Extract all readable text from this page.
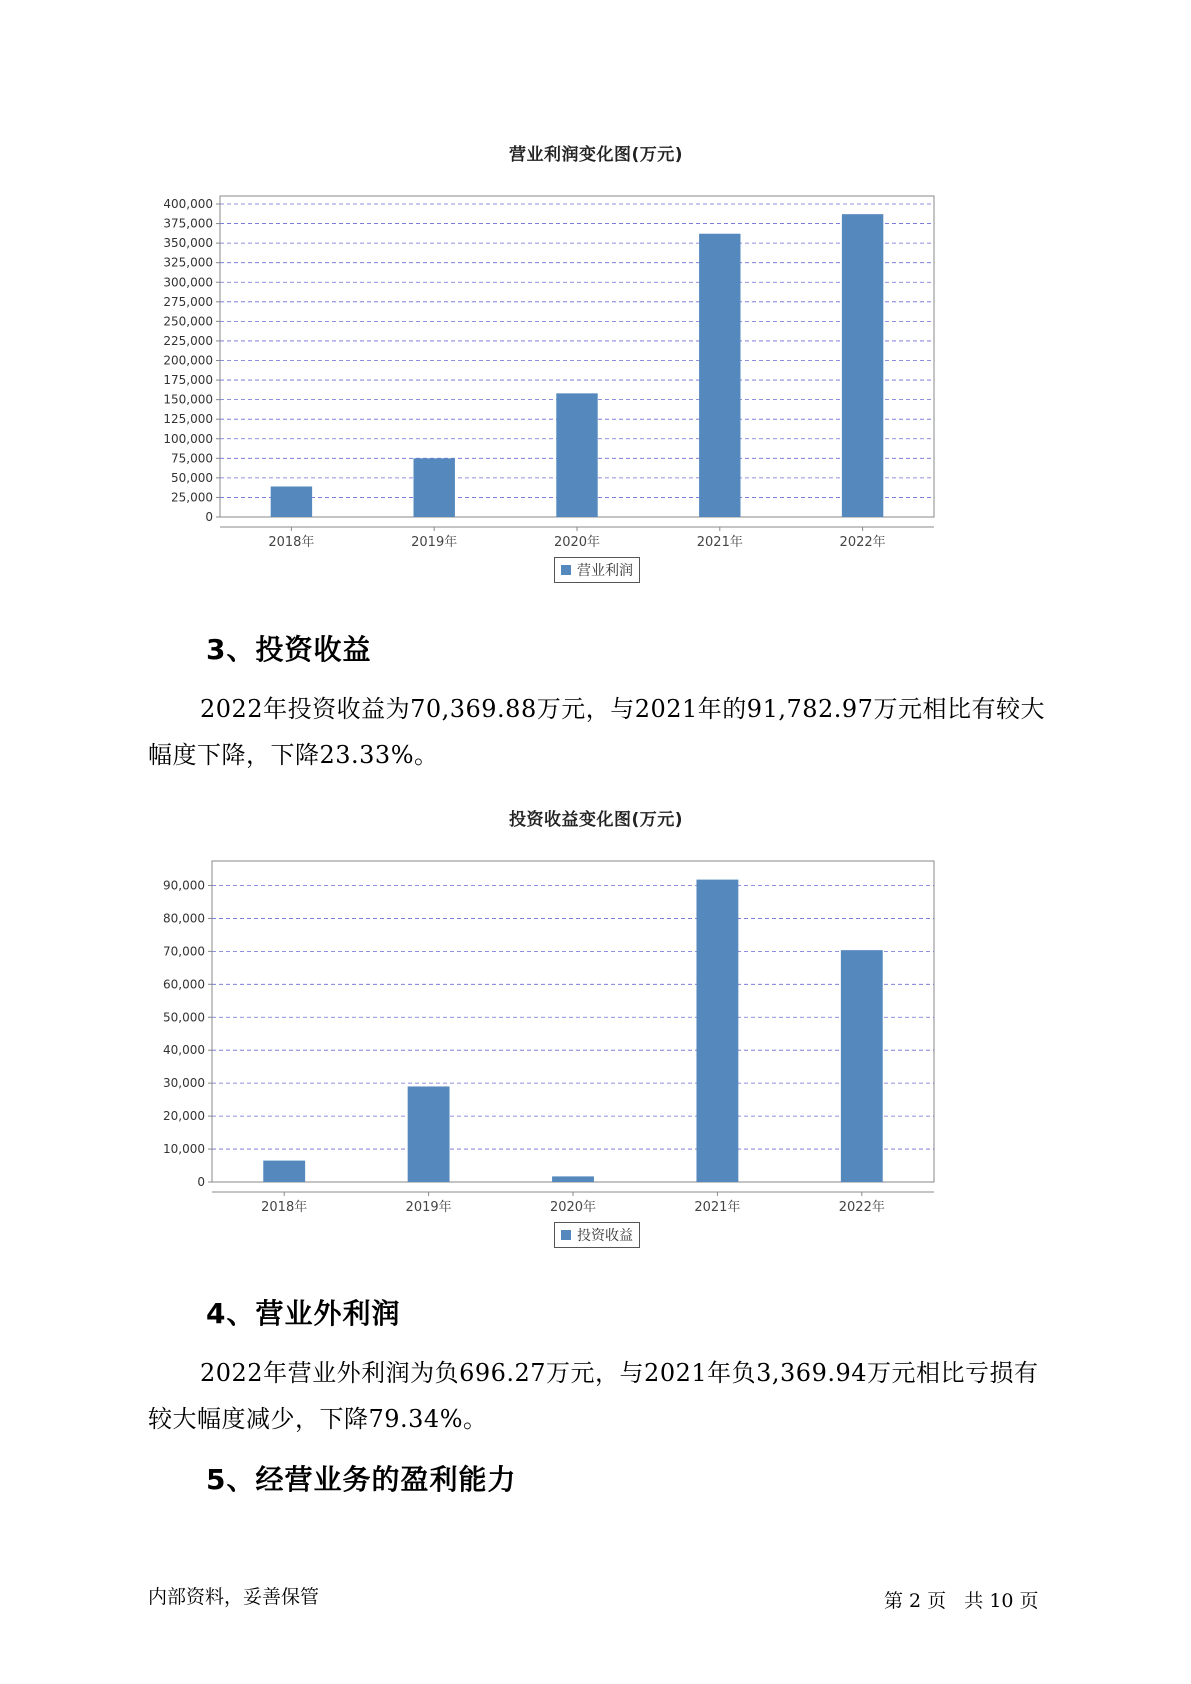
营业利润变化图(万元)
0
25,000
50,000
75,000
100,000
125,000
150,000
175,000
200,000
225,000
250,000
275,000
300,000
325,000
350,000
375,000
400,000
2018年	2019年	2020年	2021年	2022年
营业利润
3、投资收益
2022年投资收益为70,369.88万元，与2021年的91,782.97万元相比有较大幅度下降，下降23.33%。
投资收益变化图(万元)
0
10,000
20,000
30,000
40,000
50,000
60,000
70,000
80,000
90,000
2018年	2019年	2020年	2021年	2022年
投资收益
4、营业外利润
2022年营业外利润为负696.27万元，与2021年负3,369.94万元相比亏损有较大幅度减少，下降79.34%。
5、经营业务的盈利能力
内部资料，妥善保管	第 2 页   共 10 页
